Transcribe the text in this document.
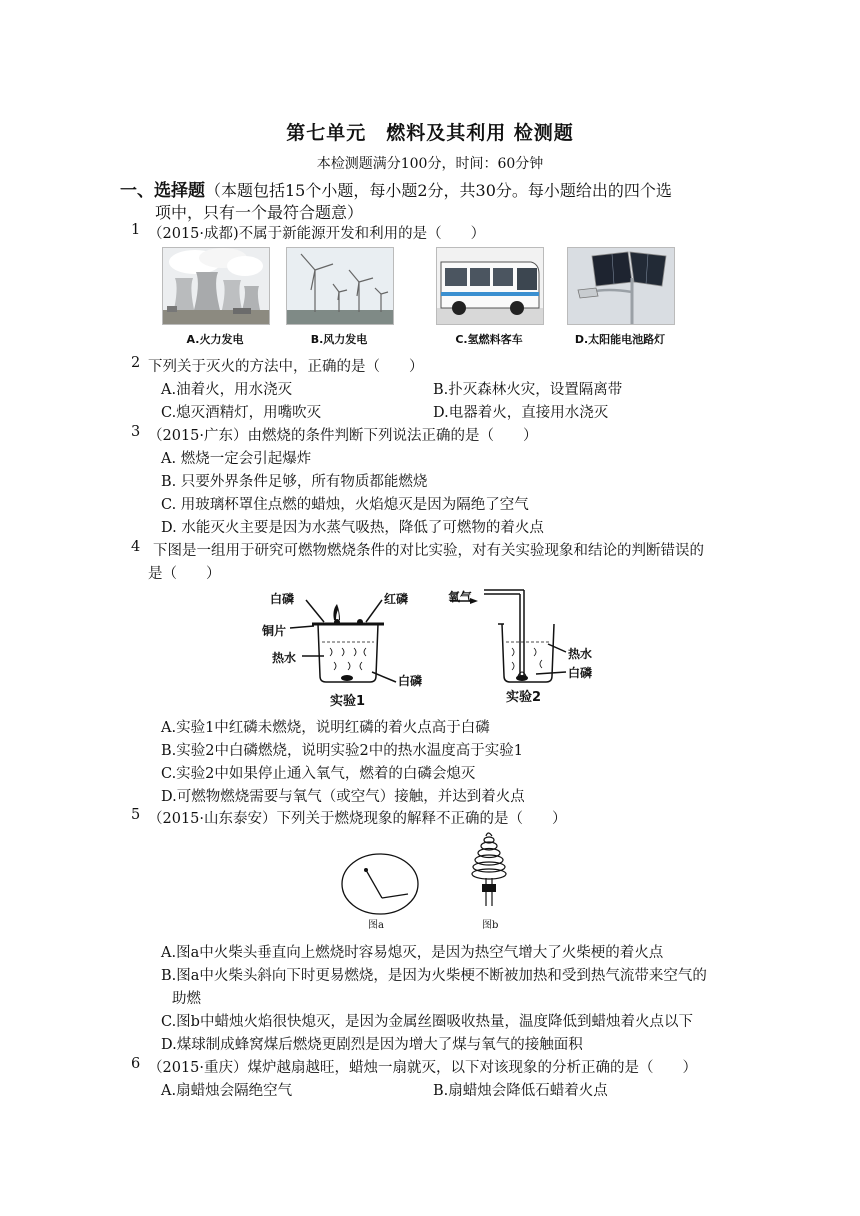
第七单元　燃料及其利用 检测题
本检测题满分100分，时间：60分钟
一、选择题（本题包括15个小题，每小题2分，共30分。每小题给出的四个选
项中，只有一个最符合题意）
1 （2015·成都)不属于新能源开发和利用的是（　　）
A.火力发电	B.风力发电	C.氢燃料客车	D.太阳能电池路灯
2 下列关于灭火的方法中，正确的是（　　）
A.油着火，用水浇灭	B.扑灭森林火灾，设置隔离带
C.熄灭酒精灯，用嘴吹灭	D.电器着火，直接用水浇灭
3 （2015·广东）由燃烧的条件判断下列说法正确的是（　　）
A. 燃烧一定会引起爆炸
B. 只要外界条件足够，所有物质都能燃烧
C. 用玻璃杯罩住点燃的蜡烛，火焰熄灭是因为隔绝了空气
D. 水能灭火主要是因为水蒸气吸热，降低了可燃物的着火点
4 下图是一组用于研究可燃物燃烧条件的对比实验，对有关实验现象和结论的判断错误的
是（　　）
白磷	红磷
铜片
热水
白磷
实验1
氧气
热水
白磷
实验2
A.实验1中红磷未燃烧，说明红磷的着火点高于白磷
B.实验2中白磷燃烧，说明实验2中的热水温度高于实验1
C.实验2中如果停止通入氧气，燃着的白磷会熄灭
D.可燃物燃烧需要与氧气（或空气）接触，并达到着火点
5 （2015·山东泰安）下列关于燃烧现象的解释不正确的是（　　）
图a	图b
A.图a中火柴头垂直向上燃烧时容易熄灭，是因为热空气增大了火柴梗的着火点
B.图a中火柴头斜向下时更易燃烧，是因为火柴梗不断被加热和受到热气流带来空气的
助燃
C.图b中蜡烛火焰很快熄灭，是因为金属丝圈吸收热量，温度降低到蜡烛着火点以下
D.煤球制成蜂窝煤后燃烧更剧烈是因为增大了煤与氧气的接触面积
6 （2015·重庆）煤炉越扇越旺，蜡烛一扇就灭，以下对该现象的分析正确的是（　　）
A.扇蜡烛会隔绝空气	B.扇蜡烛会降低石蜡着火点
